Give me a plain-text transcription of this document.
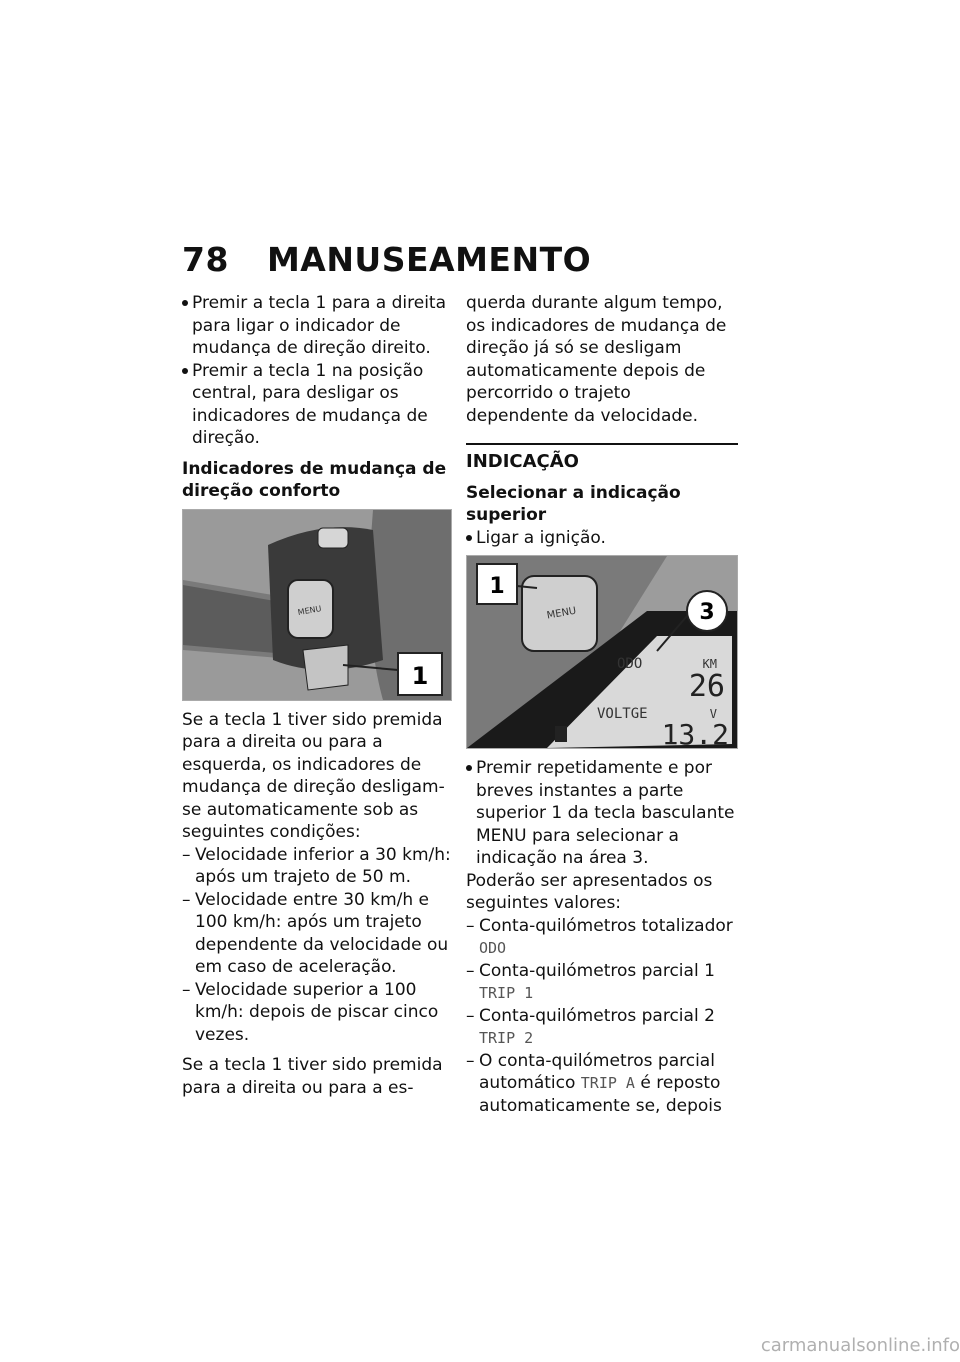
78 MANUSEAMENTO

Premir a tecla 1 para a direita para ligar o indicador de mudança de direção direito.

Premir a tecla 1 na posição central, para desligar os indicadores de mudança de direção.

Indicadores de mudança de direção conforto

MENU
1

Se a tecla 1 tiver sido premida para a direita ou para a esquerda, os indicadores de mudança de direção desligam-se automaticamente sob as seguintes condições:

– Velocidade inferior a 30 km/h: após um trajeto de 50 m.

– Velocidade entre 30 km/h e 100 km/h: após um trajeto dependente da velocidade ou em caso de aceleração.

– Velocidade superior a 100 km/h: depois de piscar cinco vezes.

Se a tecla 1 tiver sido premida para a direita ou para a es-

querda durante algum tempo, os indicadores de mudança de direção já só se desligam automaticamente depois de percorrido o trajeto dependente da velocidade.

INDICAÇÃO

Selecionar a indicação superior

Ligar a ignição.

MENU
1
3
ODO	KM
26
VOLTGE	V
13.2

Premir repetidamente e por breves instantes a parte superior 1 da tecla basculante MENU para selecionar a indicação na área 3.

Poderão ser apresentados os seguintes valores:

– Conta-quilómetros totalizador ODO

– Conta-quilómetros parcial 1 TRIP 1

– Conta-quilómetros parcial 2 TRIP 2

– O conta-quilómetros parcial automático TRIP A é reposto automaticamente se, depois

carmanualsonline.info
